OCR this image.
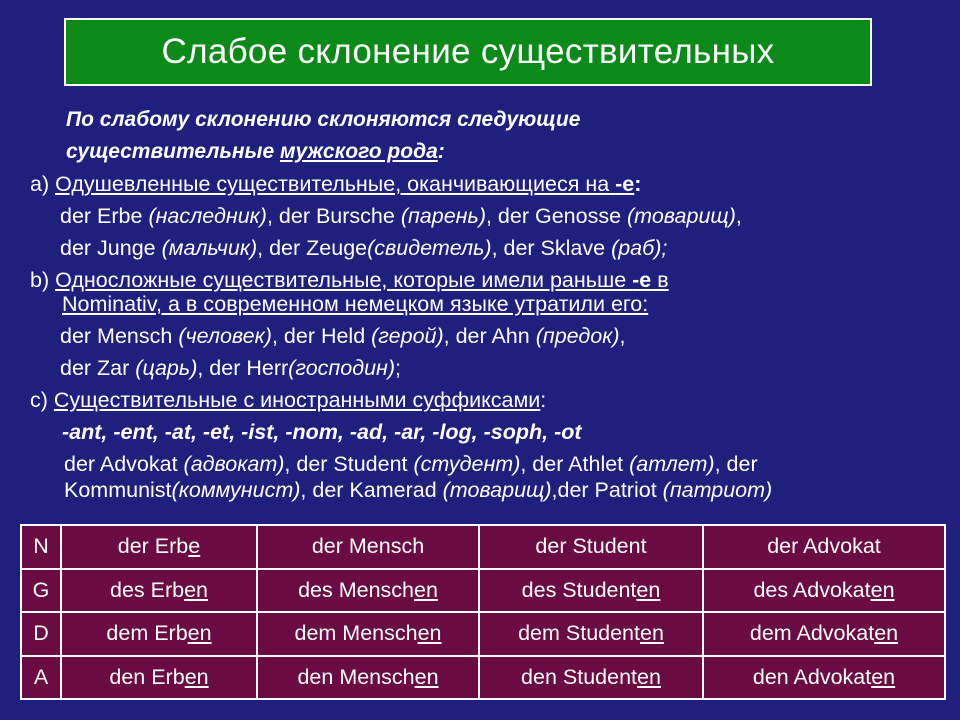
Слабое склонение существительных
По слабому склонению склоняются следующие
существительные мужского рода:
a) Одушевленные существительные, оканчивающиеся на -e:
der Erbe (наследник), der Bursche (парень), der Genosse (товарищ),
der Junge (мальчик), der Zeuge(свидетель), der Sklave (раб);
b) Односложные существительные, которые имели раньше -e в
Nominativ, а в современном немецком языке утратили его:
der Mensch (человек), der Held (герой), der Ahn (предок),
der Zar (царь), der Herr(господин);
c) Существительные с иностранными суффиксами:
-ant, -ent, -at, -et, -ist, -nom, -ad, -ar, -log, -soph, -ot
der Advokat (адвокат), der Student (студент), der Athlet (атлет), der
Kommunist(коммунист), der Kamerad (товарищ),der Patriot (патриот)
N	der Erbe	der Mensch	der Student	der Advokat
G	des Erben	des Menschen	des Studenten	des Advokaten
D	dem Erben	dem Menschen	dem Studenten	dem Advokaten
A	den Erben	den Menschen	den Studenten	den Advokaten
